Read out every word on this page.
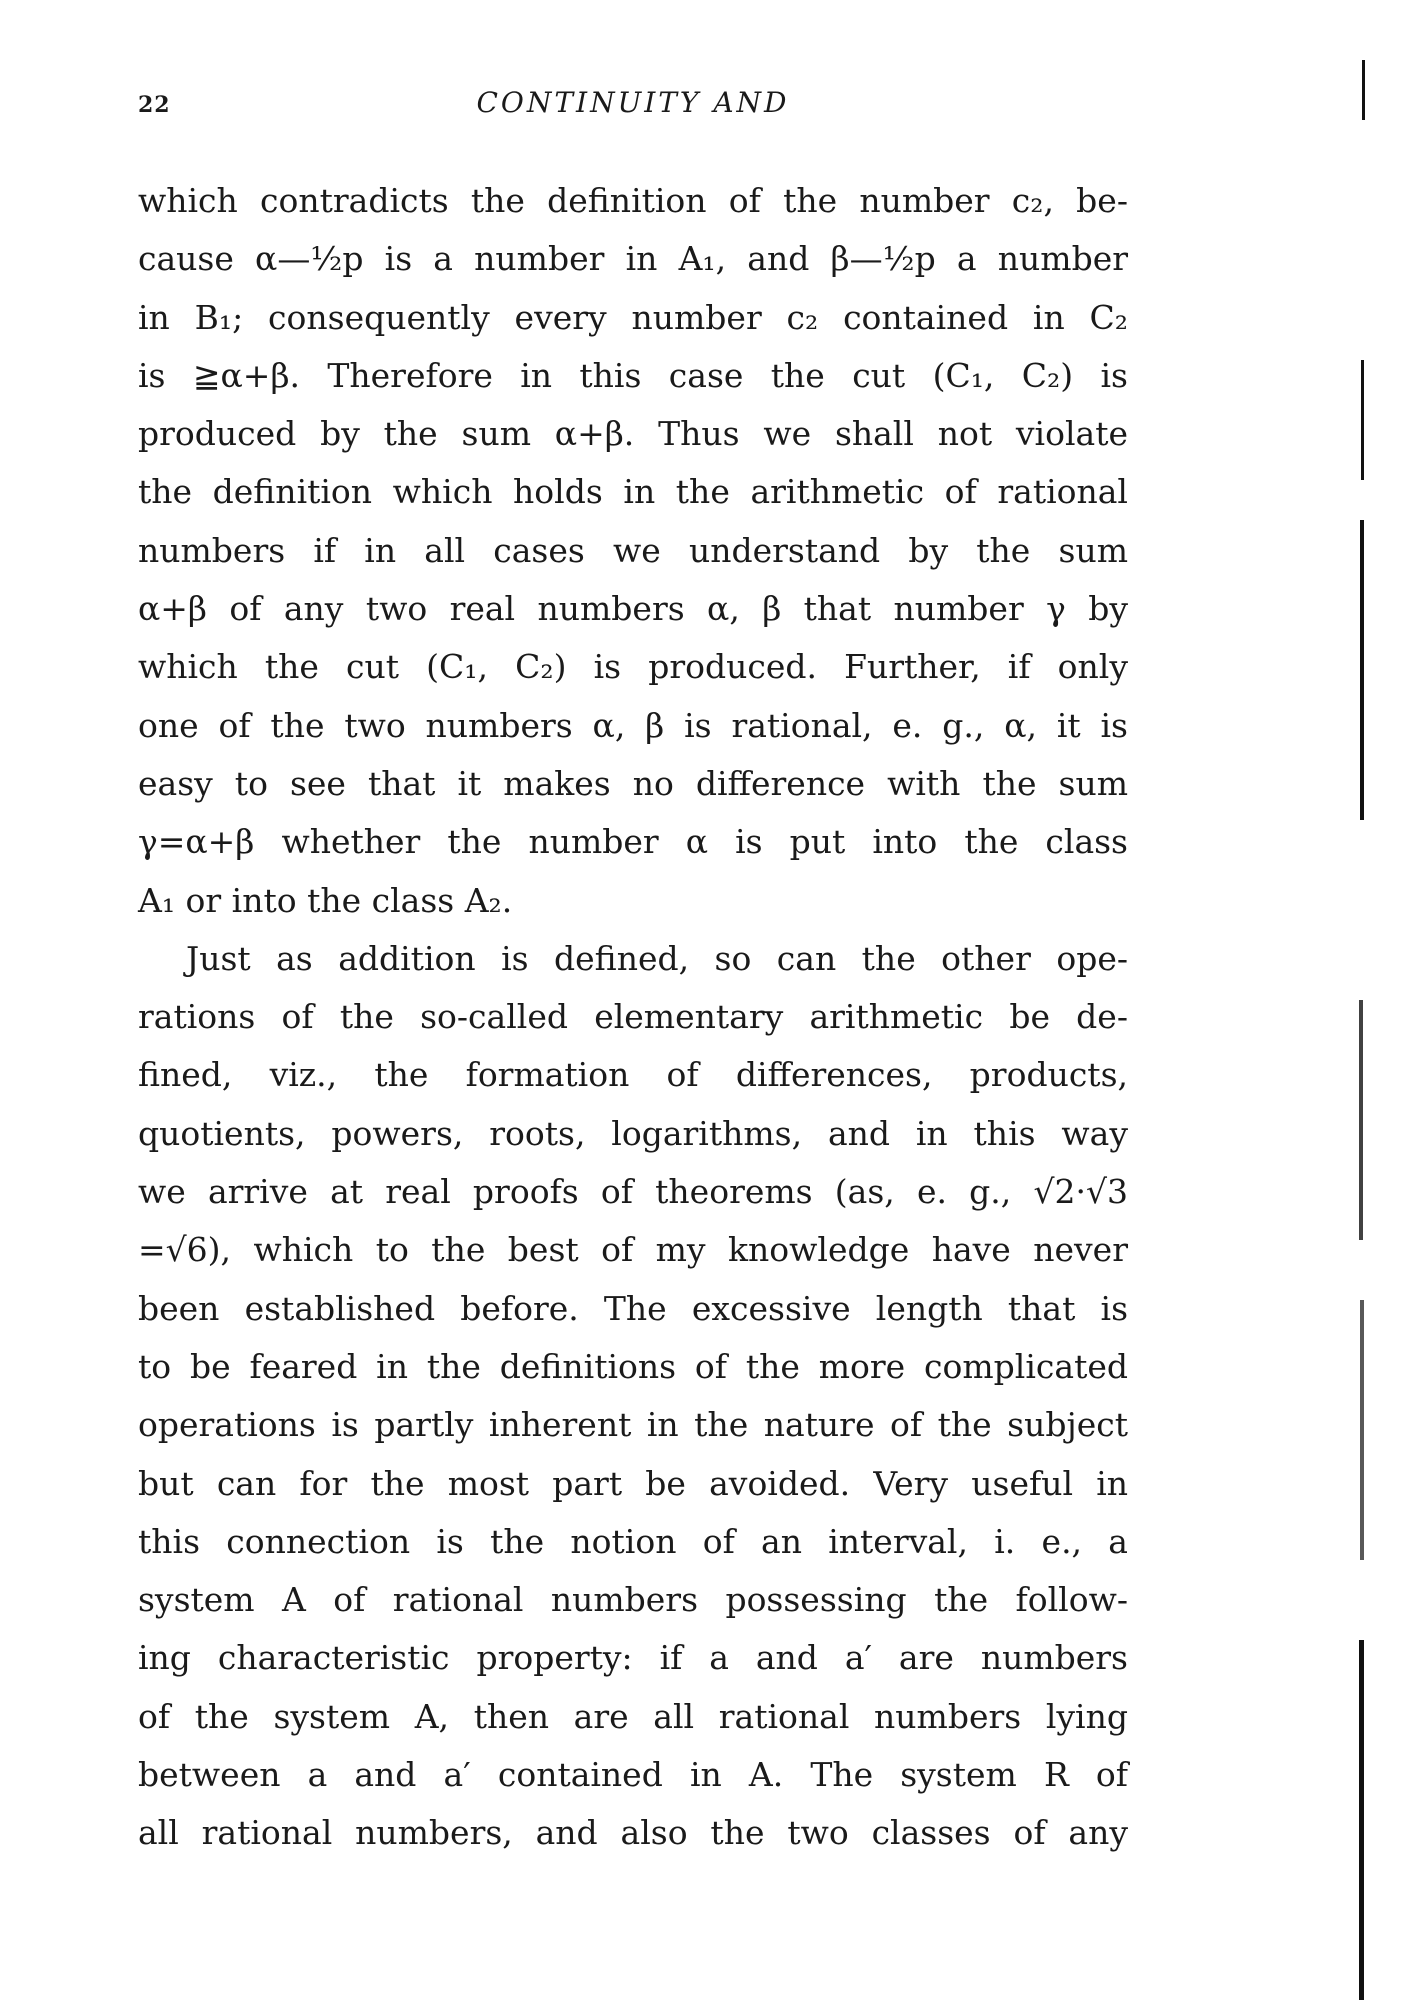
22	CONTINUITY AND
which contradicts the definition of the number c₂, be-
cause α—½p is a number in A₁, and β—½p a number
in B₁; consequently every number c₂ contained in C₂
is ≧α+β. Therefore in this case the cut (C₁, C₂) is
produced by the sum α+β. Thus we shall not violate
the definition which holds in the arithmetic of rational
numbers if in all cases we understand by the sum
α+β of any two real numbers α, β that number γ by
which the cut (C₁, C₂) is produced. Further, if only
one of the two numbers α, β is rational, e. g., α, it is
easy to see that it makes no difference with the sum
γ=α+β whether the number α is put into the class
A₁ or into the class A₂.
Just as addition is defined, so can the other ope-
rations of the so-called elementary arithmetic be de-
fined, viz., the formation of differences, products,
quotients, powers, roots, logarithms, and in this way
we arrive at real proofs of theorems (as, e. g., √2·√3
=√6), which to the best of my knowledge have never
been established before. The excessive length that is
to be feared in the definitions of the more complicated
operations is partly inherent in the nature of the subject
but can for the most part be avoided. Very useful in
this connection is the notion of an interval, i. e., a
system A of rational numbers possessing the follow-
ing characteristic property: if a and a′ are numbers
of the system A, then are all rational numbers lying
between a and a′ contained in A. The system R of
all rational numbers, and also the two classes of any
